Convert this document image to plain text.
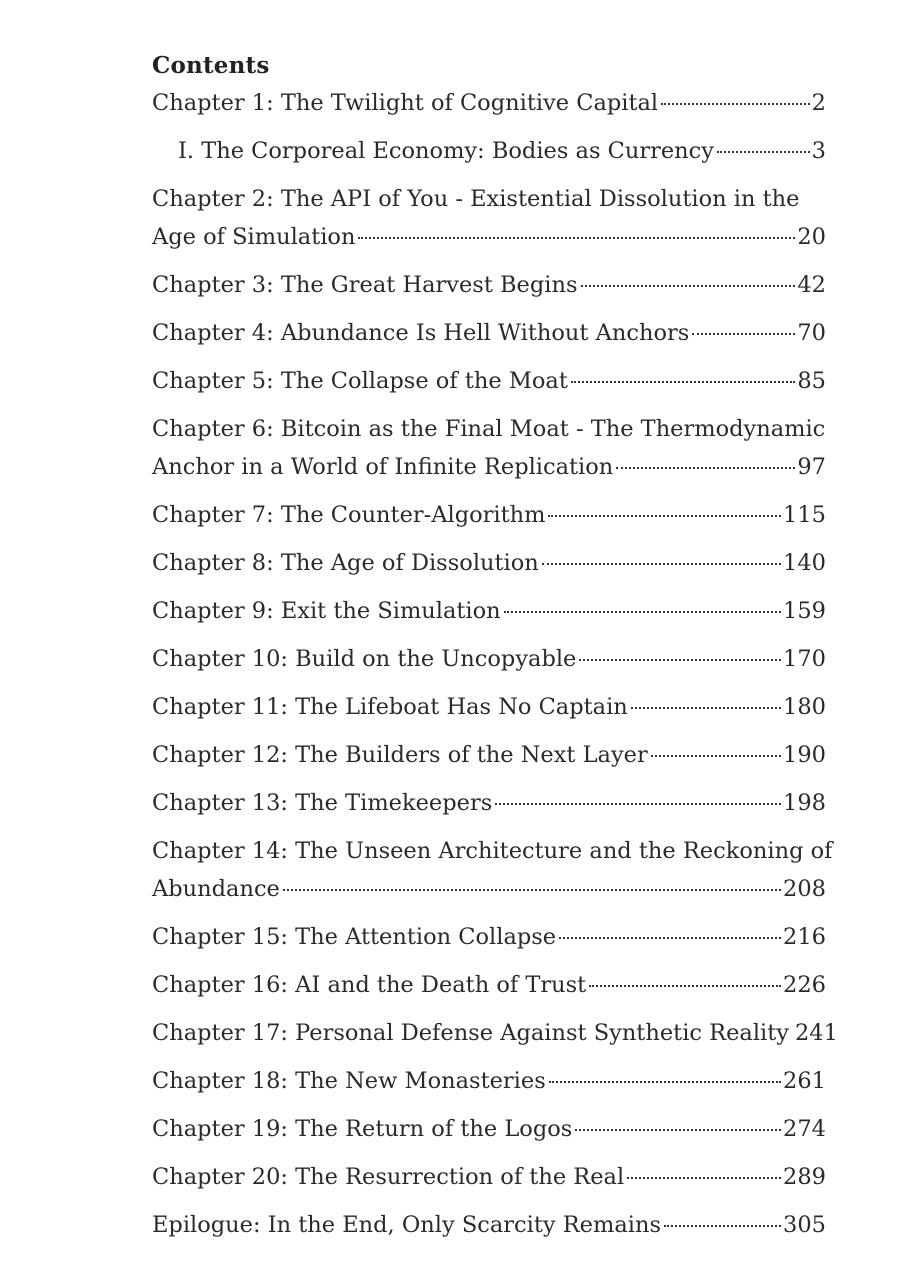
Contents
Chapter 1: The Twilight of Cognitive Capital	2
I. The Corporeal Economy: Bodies as Currency	3
Chapter 2: The API of You - Existential Dissolution in the
Age of Simulation	20
Chapter 3: The Great Harvest Begins	42
Chapter 4: Abundance Is Hell Without Anchors	70
Chapter 5: The Collapse of the Moat	85
Chapter 6: Bitcoin as the Final Moat - The Thermodynamic
Anchor in a World of Infinite Replication	97
Chapter 7: The Counter-Algorithm	115
Chapter 8: The Age of Dissolution	140
Chapter 9: Exit the Simulation	159
Chapter 10: Build on the Uncopyable	170
Chapter 11: The Lifeboat Has No Captain	180
Chapter 12: The Builders of the Next Layer	190
Chapter 13: The Timekeepers	198
Chapter 14: The Unseen Architecture and the Reckoning of
Abundance	208
Chapter 15: The Attention Collapse	216
Chapter 16: AI and the Death of Trust	226
Chapter 17: Personal Defense Against Synthetic Reality 241
Chapter 18: The New Monasteries	261
Chapter 19: The Return of the Logos	274
Chapter 20: The Resurrection of the Real	289
Epilogue: In the End, Only Scarcity Remains	305
